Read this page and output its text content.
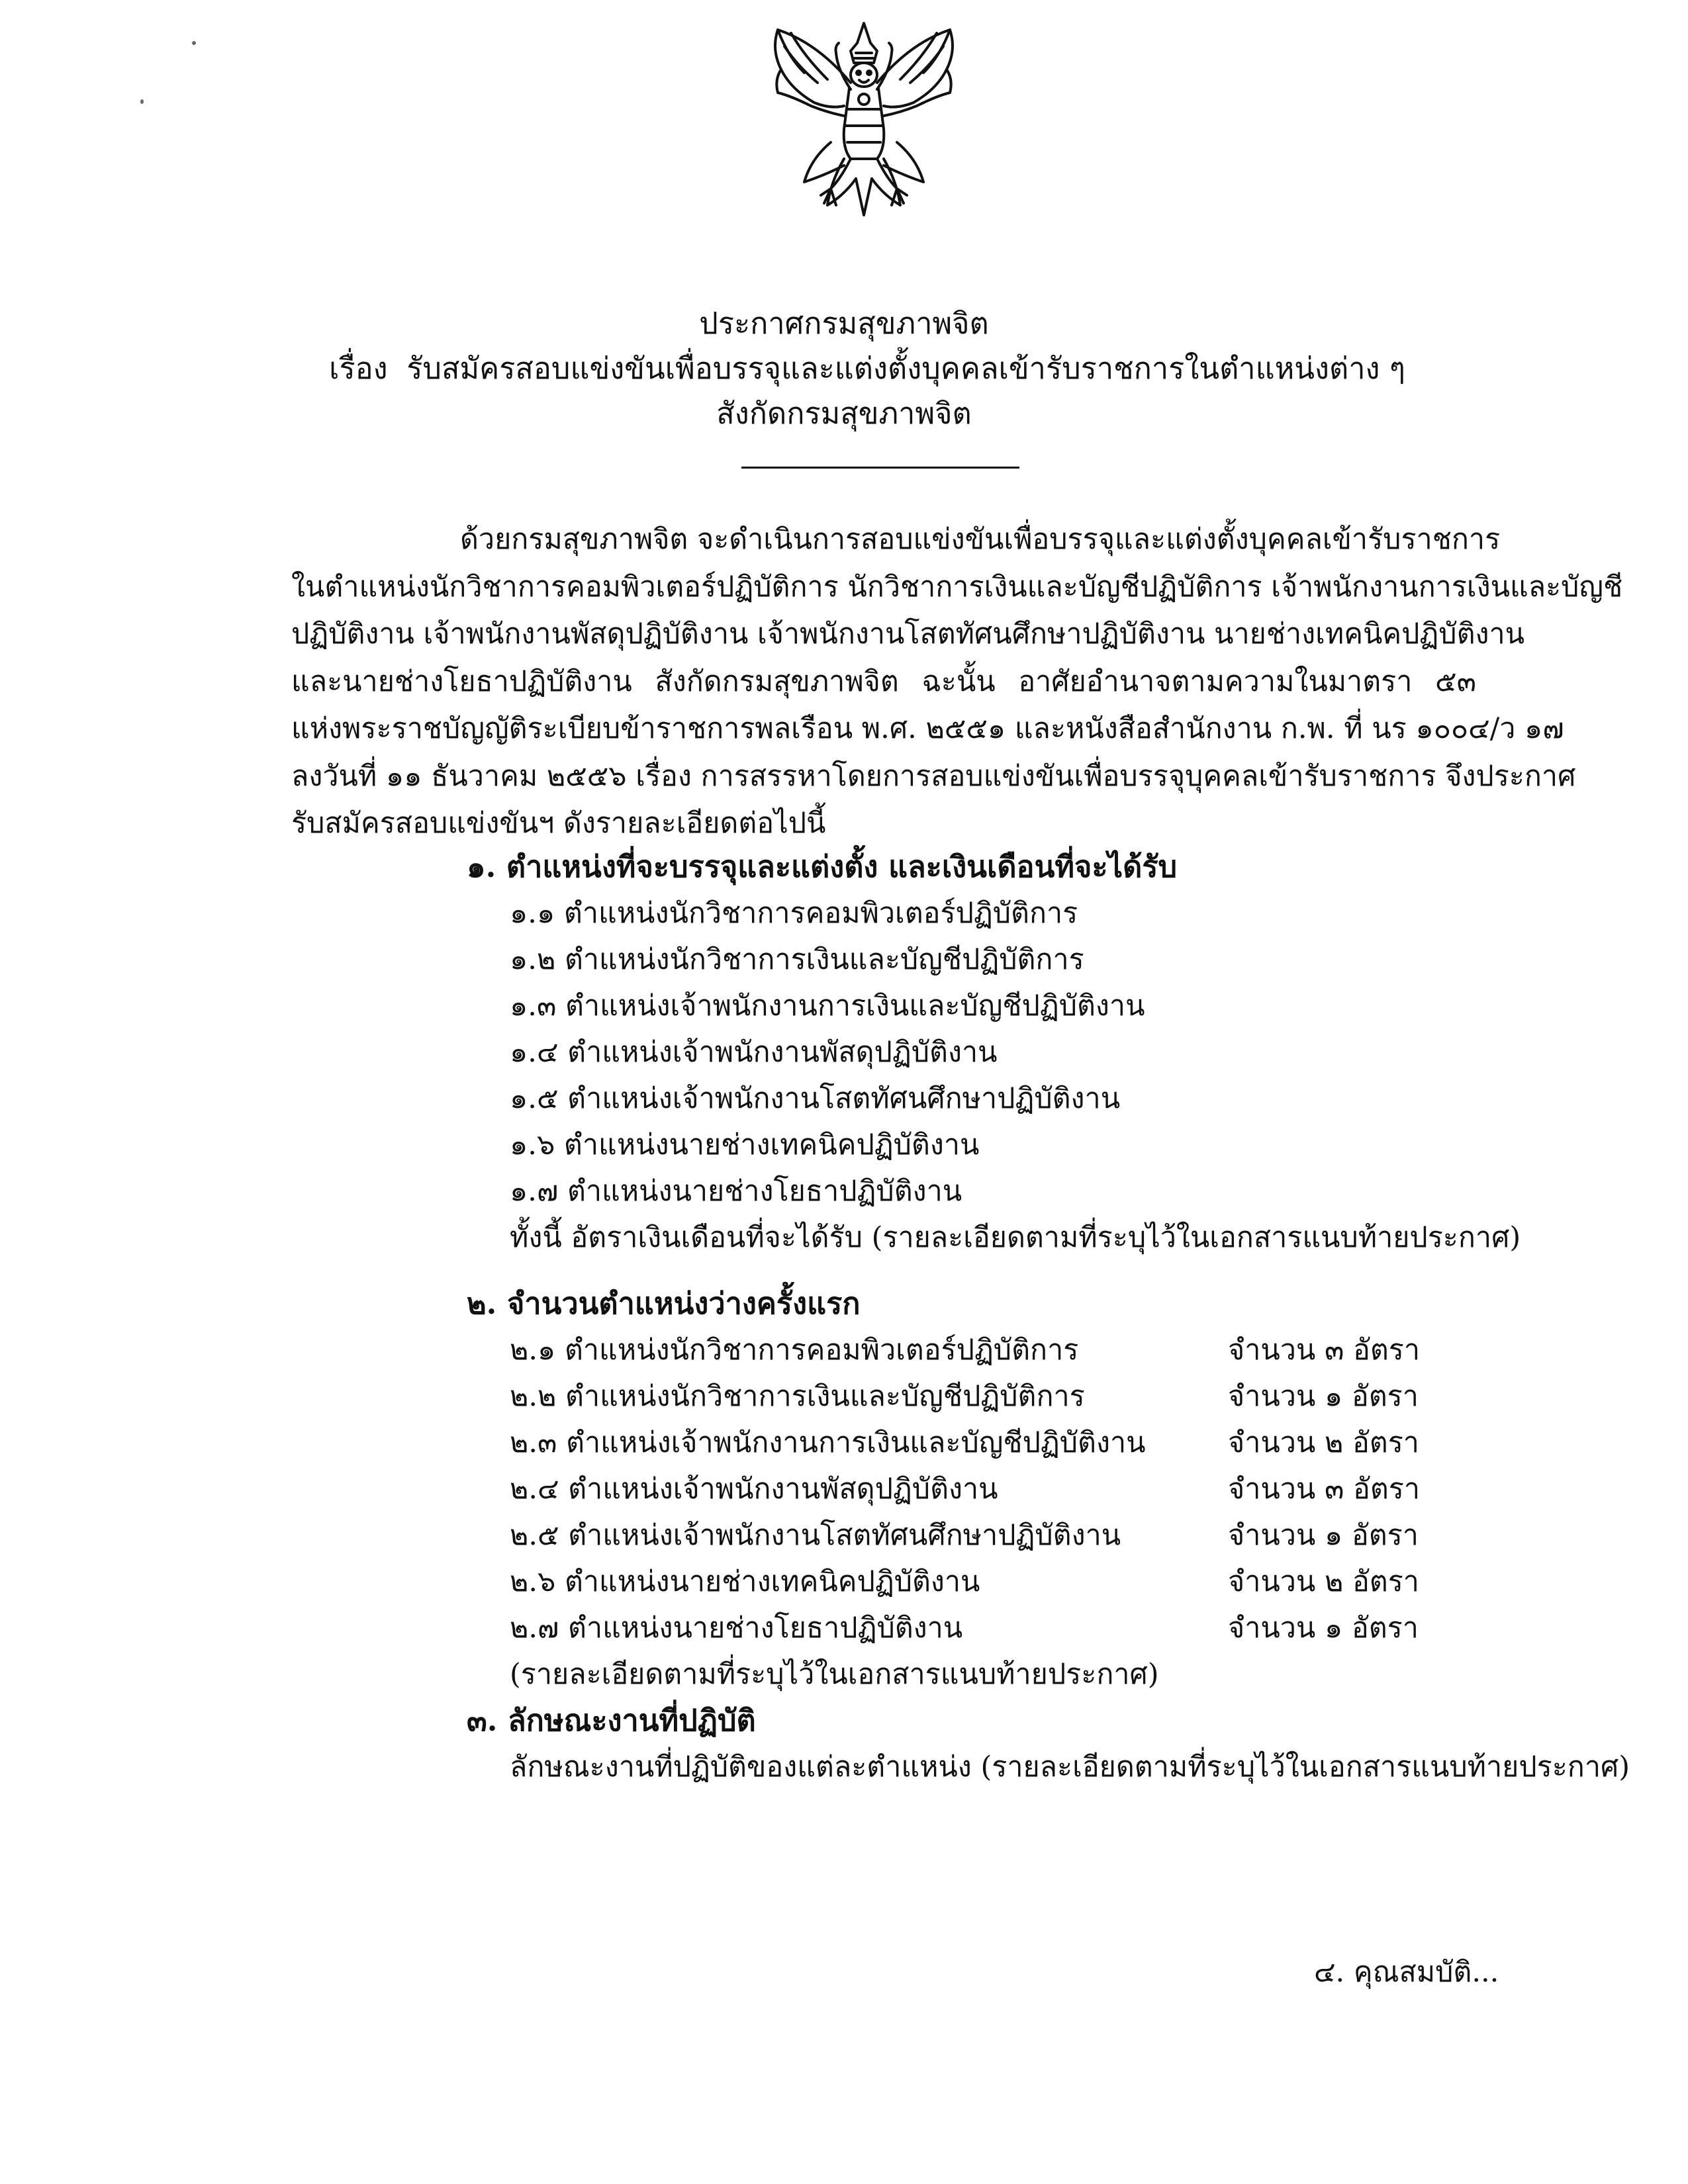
ประกาศกรมสุขภาพจิต
เรื่อง รับสมัครสอบแข่งขันเพื่อบรรจุและแต่งตั้งบุคคลเข้ารับราชการในตำแหน่งต่าง ๆ
สังกัดกรมสุขภาพจิต
ด้วยกรมสุขภาพจิต จะดำเนินการสอบแข่งขันเพื่อบรรจุและแต่งตั้งบุคคลเข้ารับราชการ
ในตำแหน่งนักวิชาการคอมพิวเตอร์ปฏิบัติการ นักวิชาการเงินและบัญชีปฏิบัติการ เจ้าพนักงานการเงินและบัญชี
ปฏิบัติงาน เจ้าพนักงานพัสดุปฏิบัติงาน เจ้าพนักงานโสตทัศนศึกษาปฏิบัติงาน นายช่างเทคนิคปฏิบัติงาน
และนายช่างโยธาปฏิบัติงาน สังกัดกรมสุขภาพจิต ฉะนั้น อาศัยอำนาจตามความในมาตรา ๕๓
แห่งพระราชบัญญัติระเบียบข้าราชการพลเรือน พ.ศ. ๒๕๕๑ และหนังสือสำนักงาน ก.พ. ที่ นร ๑๐๐๔/ว ๑๗
ลงวันที่ ๑๑ ธันวาคม ๒๕๕๖ เรื่อง การสรรหาโดยการสอบแข่งขันเพื่อบรรจุบุคคลเข้ารับราชการ จึงประกาศ
รับสมัครสอบแข่งขันฯ ดังรายละเอียดต่อไปนี้
๑. ตำแหน่งที่จะบรรจุและแต่งตั้ง และเงินเดือนที่จะได้รับ
๑.๑ ตำแหน่งนักวิชาการคอมพิวเตอร์ปฏิบัติการ
๑.๒ ตำแหน่งนักวิชาการเงินและบัญชีปฏิบัติการ
๑.๓ ตำแหน่งเจ้าพนักงานการเงินและบัญชีปฏิบัติงาน
๑.๔ ตำแหน่งเจ้าพนักงานพัสดุปฏิบัติงาน
๑.๕ ตำแหน่งเจ้าพนักงานโสตทัศนศึกษาปฏิบัติงาน
๑.๖ ตำแหน่งนายช่างเทคนิคปฏิบัติงาน
๑.๗ ตำแหน่งนายช่างโยธาปฏิบัติงาน
ทั้งนี้ อัตราเงินเดือนที่จะได้รับ (รายละเอียดตามที่ระบุไว้ในเอกสารแนบท้ายประกาศ)
๒. จำนวนตำแหน่งว่างครั้งแรก
๒.๑ ตำแหน่งนักวิชาการคอมพิวเตอร์ปฏิบัติการ	จำนวน ๓ อัตรา
๒.๒ ตำแหน่งนักวิชาการเงินและบัญชีปฏิบัติการ	จำนวน ๑ อัตรา
๒.๓ ตำแหน่งเจ้าพนักงานการเงินและบัญชีปฏิบัติงาน	จำนวน ๒ อัตรา
๒.๔ ตำแหน่งเจ้าพนักงานพัสดุปฏิบัติงาน	จำนวน ๓ อัตรา
๒.๕ ตำแหน่งเจ้าพนักงานโสตทัศนศึกษาปฏิบัติงาน	จำนวน ๑ อัตรา
๒.๖ ตำแหน่งนายช่างเทคนิคปฏิบัติงาน	จำนวน ๒ อัตรา
๒.๗ ตำแหน่งนายช่างโยธาปฏิบัติงาน	จำนวน ๑ อัตรา
(รายละเอียดตามที่ระบุไว้ในเอกสารแนบท้ายประกาศ)
๓. ลักษณะงานที่ปฏิบัติ
ลักษณะงานที่ปฏิบัติของแต่ละตำแหน่ง (รายละเอียดตามที่ระบุไว้ในเอกสารแนบท้ายประกาศ)
๔. คุณสมบัติ...
